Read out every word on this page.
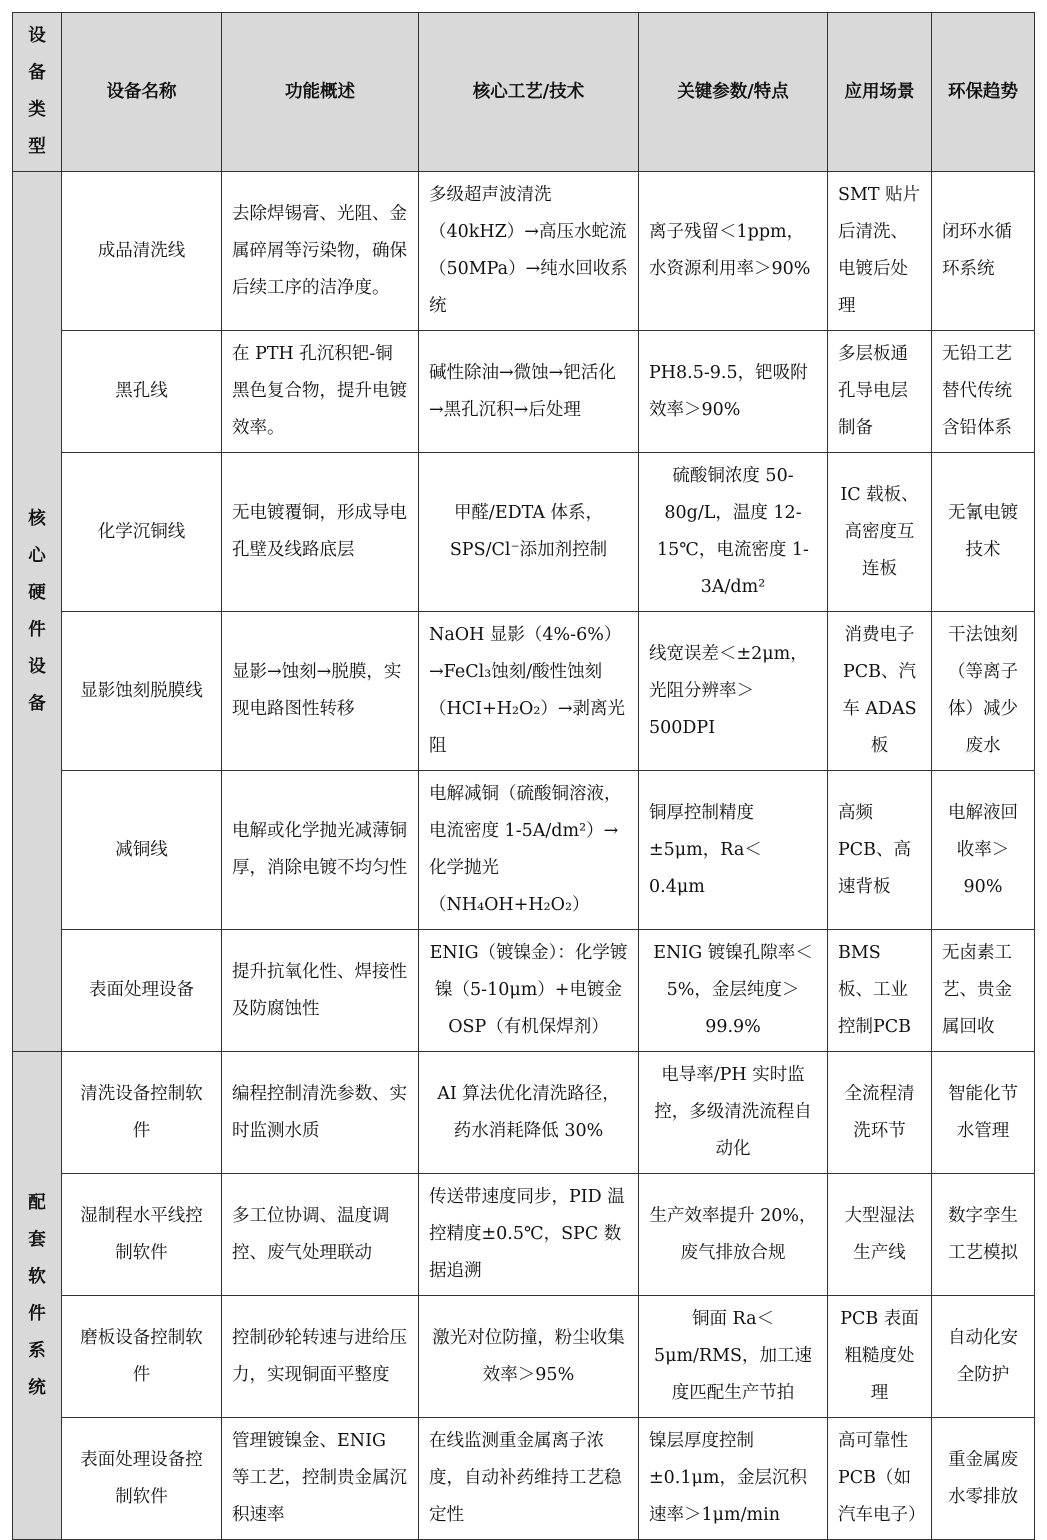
设备类型	设备名称	功能概述	核心工艺/技术	关键参数/特点	应用场景	环保趋势
核心硬件设备	成品清洗线	去除焊锡膏、光阻、金属碎屑等污染物，确保后续工序的洁净度。	多级超声波清洗（40kHZ）→高压水蛇流（50MPa）→纯水回收系统	离子残留＜1ppm，水资源利用率＞90%	SMT 贴片后清洗、电镀后处理	闭环水循环系统
	黑孔线	在 PTH 孔沉积钯-铜黑色复合物，提升电镀效率。	碱性除油→微蚀→钯活化→黑孔沉积→后处理	PH8.5-9.5，钯吸附效率＞90%	多层板通孔导电层制备	无铅工艺替代传统含铅体系
	化学沉铜线	无电镀覆铜，形成导电孔壁及线路底层	甲醛/EDTA 体系，SPS/Cl⁻添加剂控制	硫酸铜浓度 50-80g/L，温度 12-15℃，电流密度 1-3A/dm²	IC 载板、高密度互连板	无氰电镀技术
	显影蚀刻脱膜线	显影→蚀刻→脱膜，实现电路图性转移	NaOH 显影（4%-6%）→FeCl₃蚀刻/酸性蚀刻（HCI+H₂O₂）→剥离光阻	线宽误差＜±2μm，光阻分辨率＞500DPI	消费电子 PCB、汽车 ADAS 板	干法蚀刻（等离子体）减少废水
	减铜线	电解或化学抛光减薄铜厚，消除电镀不均匀性	电解减铜（硫酸铜溶液，电流密度 1-5A/dm²）→化学抛光（NH₄OH+H₂O₂）	铜厚控制精度±5μm，Ra＜0.4μm	高频 PCB、高速背板	电解液回收率＞90%
	表面处理设备	提升抗氧化性、焊接性及防腐蚀性	ENIG（镀镍金）：化学镀镍（5-10μm）+电镀金 OSP（有机保焊剂）	ENIG 镀镍孔隙率＜5%，金层纯度＞99.9%	BMS 板、工业控制PCB	无卤素工艺、贵金属回收
配套软件系统	清洗设备控制软件	编程控制清洗参数、实时监测水质	AI 算法优化清洗路径，药水消耗降低 30%	电导率/PH 实时监控，多级清洗流程自动化	全流程清洗环节	智能化节水管理
	湿制程水平线控制软件	多工位协调、温度调控、废气处理联动	传送带速度同步，PID 温控精度±0.5℃，SPC 数据追溯	生产效率提升 20%，废气排放合规	大型湿法生产线	数字孪生工艺模拟
	磨板设备控制软件	控制砂轮转速与进给压力，实现铜面平整度	激光对位防撞，粉尘收集效率＞95%	铜面 Ra＜5μm/RMS，加工速度匹配生产节拍	PCB 表面粗糙度处理	自动化安全防护
	表面处理设备控制软件	管理镀镍金、ENIG 等工艺，控制贵金属沉积速率	在线监测重金属离子浓度，自动补药维持工艺稳定性	镍层厚度控制±0.1μm，金层沉积速率＞1μm/min	高可靠性 PCB（如汽车电子）	重金属废水零排放
